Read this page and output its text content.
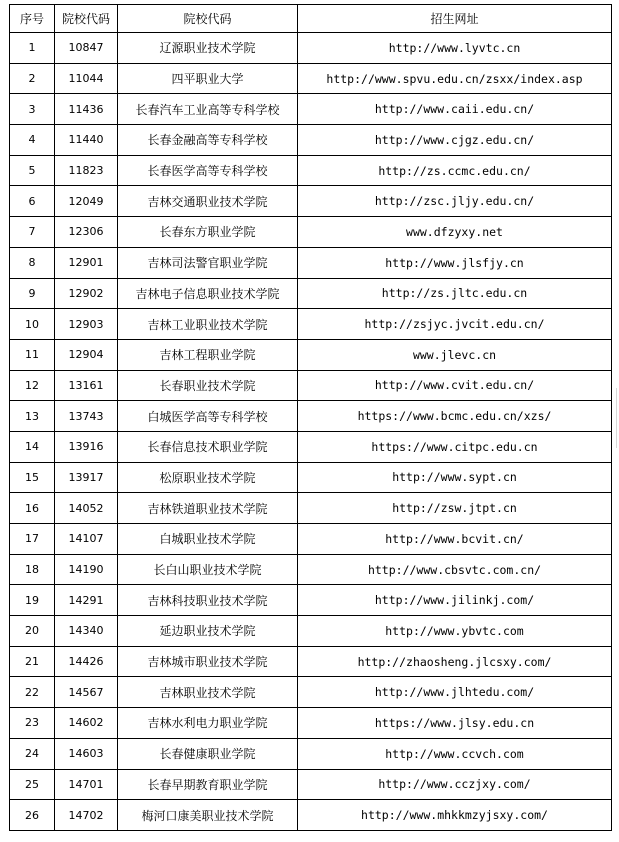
序号	院校代码	院校代码	招生网址
1	10847	辽源职业技术学院	http://www.lyvtc.cn
2	11044	四平职业大学	http://www.spvu.edu.cn/zsxx/index.asp
3	11436	长春汽车工业高等专科学校	http://www.caii.edu.cn/
4	11440	长春金融高等专科学校	http://www.cjgz.edu.cn/
5	11823	长春医学高等专科学校	http://zs.ccmc.edu.cn/
6	12049	吉林交通职业技术学院	http://zsc.jljy.edu.cn/
7	12306	长春东方职业学院	www.dfzyxy.net
8	12901	吉林司法警官职业学院	http://www.jlsfjy.cn
9	12902	吉林电子信息职业技术学院	http://zs.jltc.edu.cn
10	12903	吉林工业职业技术学院	http://zsjyc.jvcit.edu.cn/
11	12904	吉林工程职业学院	www.jlevc.cn
12	13161	长春职业技术学院	http://www.cvit.edu.cn/
13	13743	白城医学高等专科学校	https://www.bcmc.edu.cn/xzs/
14	13916	长春信息技术职业学院	https://www.citpc.edu.cn
15	13917	松原职业技术学院	http://www.sypt.cn
16	14052	吉林铁道职业技术学院	http://zsw.jtpt.cn
17	14107	白城职业技术学院	http://www.bcvit.cn/
18	14190	长白山职业技术学院	http://www.cbsvtc.com.cn/
19	14291	吉林科技职业技术学院	http://www.jilinkj.com/
20	14340	延边职业技术学院	http://www.ybvtc.com
21	14426	吉林城市职业技术学院	http://zhaosheng.jlcsxy.com/
22	14567	吉林职业技术学院	http://www.jlhtedu.com/
23	14602	吉林水利电力职业学院	https://www.jlsy.edu.cn
24	14603	长春健康职业学院	http://www.ccvch.com
25	14701	长春早期教育职业学院	http://www.cczjxy.com/
26	14702	梅河口康美职业技术学院	http://www.mhkkmzyjsxy.com/
